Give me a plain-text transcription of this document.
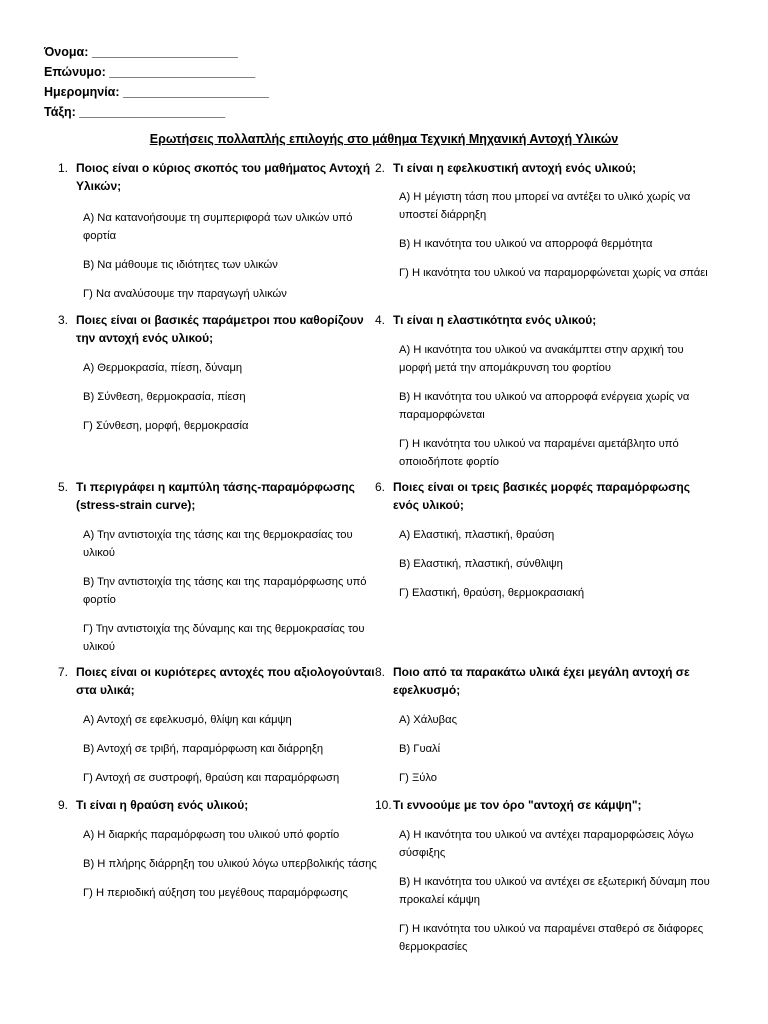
Όνομα: _____________________
Επώνυμο: _____________________
Ημερομηνία: _____________________
Τάξη: _____________________
Ερωτήσεις πολλαπλής επιλογής στο μάθημα Τεχνική Μηχανική Αντοχή Υλικών
1. Ποιος είναι ο κύριος σκοπός του μαθήματος Αντοχή Υλικών;
Α) Να κατανοήσουμε τη συμπεριφορά των υλικών υπό φορτία
Β) Να μάθουμε τις ιδιότητες των υλικών
Γ) Να αναλύσουμε την παραγωγή υλικών
2. Τι είναι η εφελκυστική αντοχή ενός υλικού;
Α) Η μέγιστη τάση που μπορεί να αντέξει το υλικό χωρίς να υποστεί διάρρηξη
Β) Η ικανότητα του υλικού να απορροφά θερμότητα
Γ) Η ικανότητα του υλικού να παραμορφώνεται χωρίς να σπάει
3. Ποιες είναι οι βασικές παράμετροι που καθορίζουν την αντοχή ενός υλικού;
Α) Θερμοκρασία, πίεση, δύναμη
Β) Σύνθεση, θερμοκρασία, πίεση
Γ) Σύνθεση, μορφή, θερμοκρασία
4. Τι είναι η ελαστικότητα ενός υλικού;
Α) Η ικανότητα του υλικού να ανακάμπτει στην αρχική του μορφή μετά την απομάκρυνση του φορτίου
Β) Η ικανότητα του υλικού να απορροφά ενέργεια χωρίς να παραμορφώνεται
Γ) Η ικανότητα του υλικού να παραμένει αμετάβλητο υπό οποιοδήποτε φορτίο
5. Τι περιγράφει η καμπύλη τάσης-παραμόρφωσης (stress-strain curve);
Α) Την αντιστοιχία της τάσης και της θερμοκρασίας του υλικού
Β) Την αντιστοιχία της τάσης και της παραμόρφωσης υπό φορτίο
Γ) Την αντιστοιχία της δύναμης και της θερμοκρασίας του υλικού
6. Ποιες είναι οι τρεις βασικές μορφές παραμόρφωσης ενός υλικού;
Α) Ελαστική, πλαστική, θραύση
Β) Ελαστική, πλαστική, σύνθλιψη
Γ) Ελαστική, θραύση, θερμοκρασιακή
7. Ποιες είναι οι κυριότερες αντοχές που αξιολογούνται στα υλικά;
Α) Αντοχή σε εφελκυσμό, θλίψη και κάμψη
Β) Αντοχή σε τριβή, παραμόρφωση και διάρρηξη
Γ) Αντοχή σε συστροφή, θραύση και παραμόρφωση
8. Ποιο από τα παρακάτω υλικά έχει μεγάλη αντοχή σε εφελκυσμό;
Α) Χάλυβας
Β) Γυαλί
Γ) Ξύλο
9. Τι είναι η θραύση ενός υλικού;
Α) Η διαρκής παραμόρφωση του υλικού υπό φορτίο
Β) Η πλήρης διάρρηξη του υλικού λόγω υπερβολικής τάσης
Γ) Η περιοδική αύξηση του μεγέθους παραμόρφωσης
10. Τι εννοούμε με τον όρο "αντοχή σε κάμψη";
Α) Η ικανότητα του υλικού να αντέχει παραμορφώσεις λόγω σύσφιξης
Β) Η ικανότητα του υλικού να αντέχει σε εξωτερική δύναμη που προκαλεί κάμψη
Γ) Η ικανότητα του υλικού να παραμένει σταθερό σε διάφορες θερμοκρασίες
